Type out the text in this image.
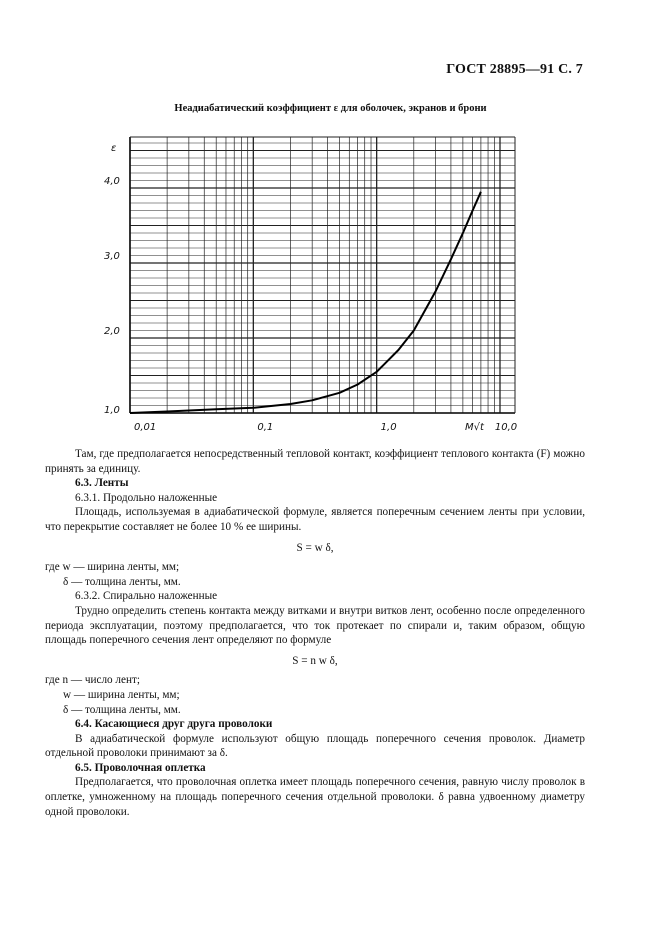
ГОСТ 28895—91 С. 7
Неадиабатический коэффициент ε для оболочек, экранов и брони
0,01	0,1	1,0	10,0
1,0
2,0
3,0
4,0
ε
M√t

Там, где предполагается непосредственный тепловой контакт, коэффициент теплового контакта (F) можно принять за единицу.

6.3. Ленты

6.3.1. Продольно наложенные

Площадь, используемая в адиабатической формуле, является поперечным сечением ленты при условии, что перекрытие составляет не более 10 % ее ширины.

S = w δ,

где w — ширина ленты, мм;

δ — толщина ленты, мм.

6.3.2. Спирально наложенные

Трудно определить степень контакта между витками и внутри витков лент, особенно после определенного периода эксплуатации, поэтому предполагается, что ток протекает по спирали и, таким образом, общую площадь поперечного сечения лент определяют по формуле

S = n w δ,

где n — число лент;

w — ширина ленты, мм;

δ — толщина ленты, мм.

6.4. Касающиеся друг друга проволоки

В адиабатической формуле используют общую площадь поперечного сечения проволок. Диаметр отдельной проволоки принимают за δ.

6.5. Проволочная оплетка

Предполагается, что проволочная оплетка имеет площадь поперечного сечения, равную числу проволок в оплетке, умноженному на площадь поперечного сечения отдельной проволоки. δ равна удвоенному диаметру одной проволоки.
